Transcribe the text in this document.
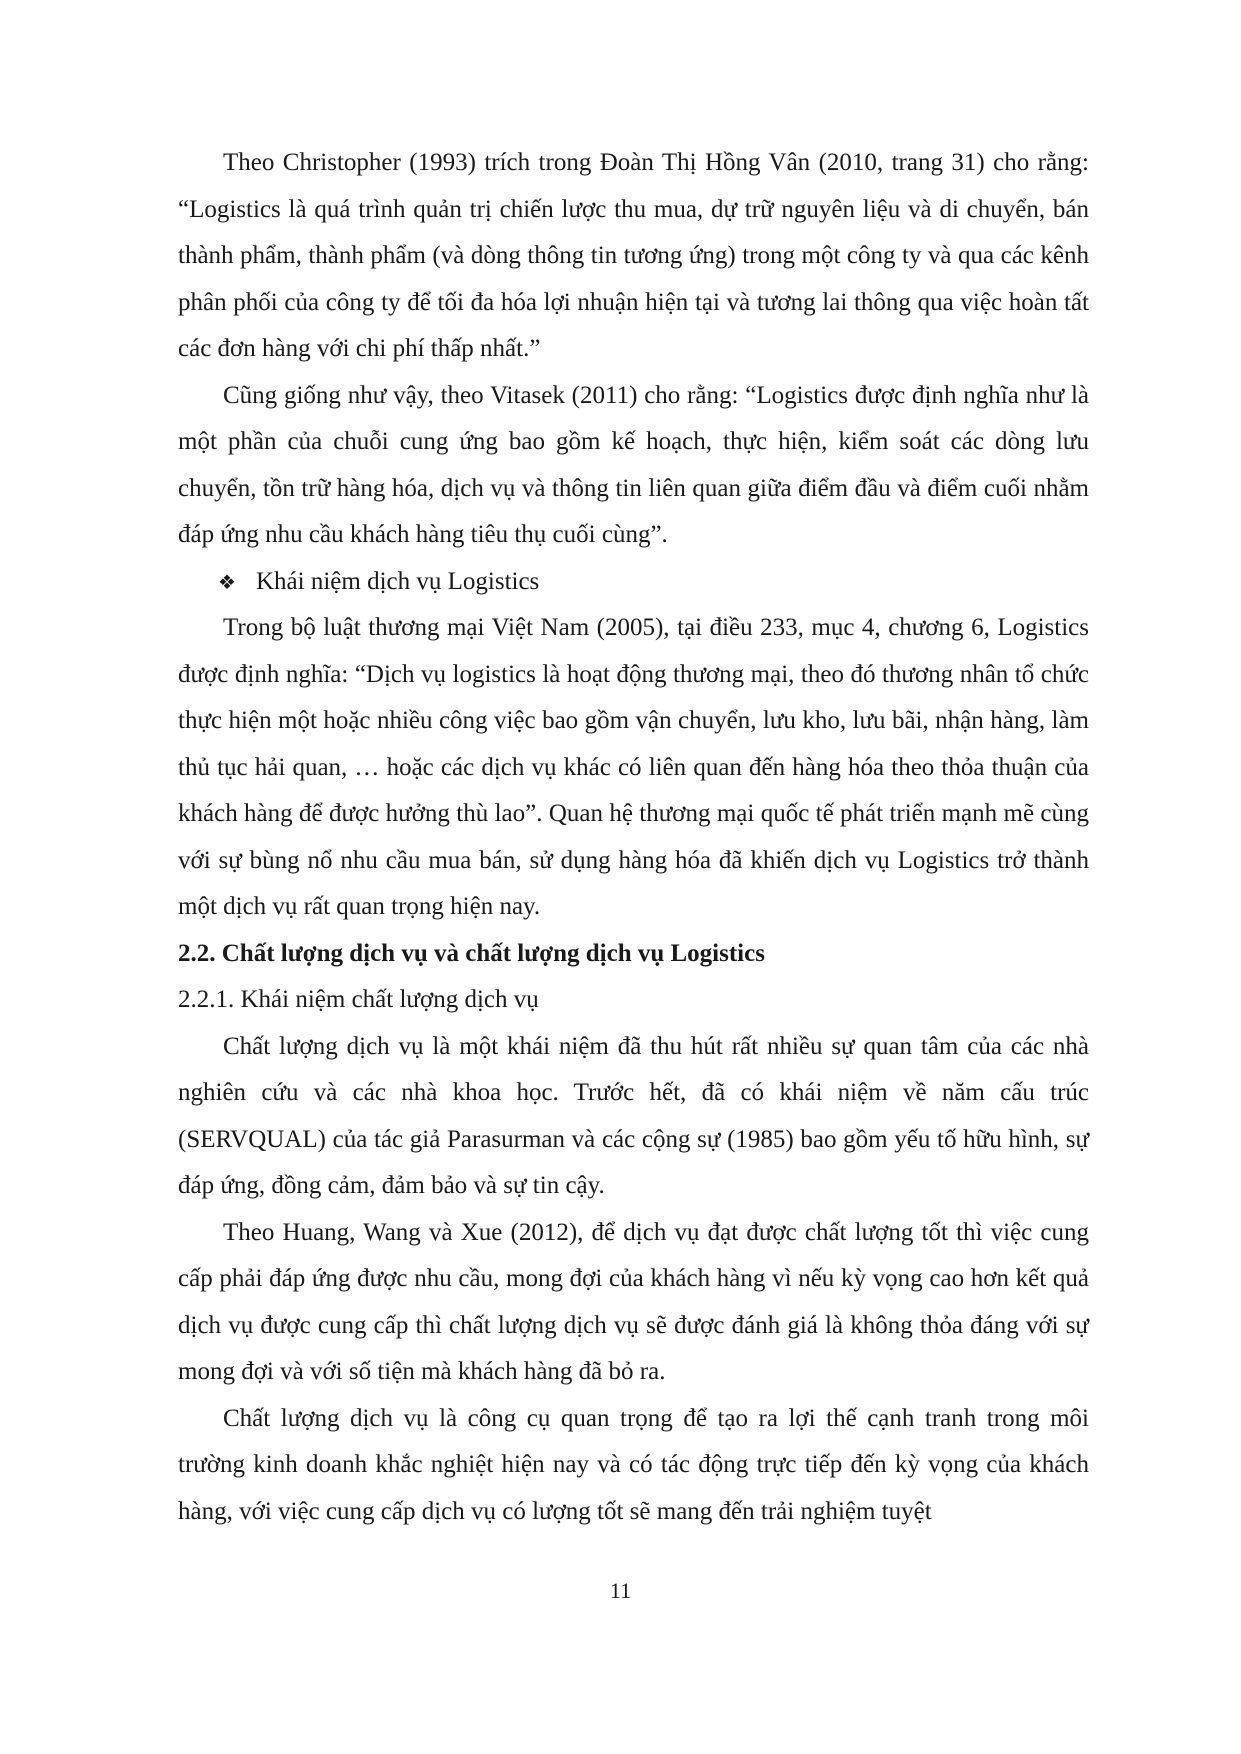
Theo Christopher (1993) trích trong Đoàn Thị Hồng Vân (2010, trang 31) cho rằng: “Logistics là quá trình quản trị chiến lược thu mua, dự trữ nguyên liệu và di chuyển, bán thành phẩm, thành phẩm (và dòng thông tin tương ứng) trong một công ty và qua các kênh phân phối của công ty để tối đa hóa lợi nhuận hiện tại và tương lai thông qua việc hoàn tất các đơn hàng với chi phí thấp nhất.”

Cũng giống như vậy, theo Vitasek (2011) cho rằng: “Logistics được định nghĩa như là một phần của chuỗi cung ứng bao gồm kế hoạch, thực hiện, kiểm soát các dòng lưu chuyển, tồn trữ hàng hóa, dịch vụ và thông tin liên quan giữa điểm đầu và điểm cuối nhằm đáp ứng nhu cầu khách hàng tiêu thụ cuối cùng”.

❖ Khái niệm dịch vụ Logistics

Trong bộ luật thương mại Việt Nam (2005), tại điều 233, mục 4, chương 6, Logistics được định nghĩa: “Dịch vụ logistics là hoạt động thương mại, theo đó thương nhân tổ chức thực hiện một hoặc nhiều công việc bao gồm vận chuyển, lưu kho, lưu bãi, nhận hàng, làm thủ tục hải quan, … hoặc các dịch vụ khác có liên quan đến hàng hóa theo thỏa thuận của khách hàng để được hưởng thù lao”. Quan hệ thương mại quốc tế phát triển mạnh mẽ cùng với sự bùng nổ nhu cầu mua bán, sử dụng hàng hóa đã khiến dịch vụ Logistics trở thành một dịch vụ rất quan trọng hiện nay.

2.2. Chất lượng dịch vụ và chất lượng dịch vụ Logistics

2.2.1. Khái niệm chất lượng dịch vụ

Chất lượng dịch vụ là một khái niệm đã thu hút rất nhiều sự quan tâm của các nhà nghiên cứu và các nhà khoa học. Trước hết, đã có khái niệm về năm cấu trúc (SERVQUAL) của tác giả Parasurman và các cộng sự (1985) bao gồm yếu tố hữu hình, sự đáp ứng, đồng cảm, đảm bảo và sự tin cậy.

Theo Huang, Wang và Xue (2012), để dịch vụ đạt được chất lượng tốt thì việc cung cấp phải đáp ứng được nhu cầu, mong đợi của khách hàng vì nếu kỳ vọng cao hơn kết quả dịch vụ được cung cấp thì chất lượng dịch vụ sẽ được đánh giá là không thỏa đáng với sự mong đợi và với số tiện mà khách hàng đã bỏ ra.

Chất lượng dịch vụ là công cụ quan trọng để tạo ra lợi thế cạnh tranh trong môi trường kinh doanh khắc nghiệt hiện nay và có tác động trực tiếp đến kỳ vọng của khách hàng, với việc cung cấp dịch vụ có lượng tốt sẽ mang đến trải nghiệm tuyệt

11
